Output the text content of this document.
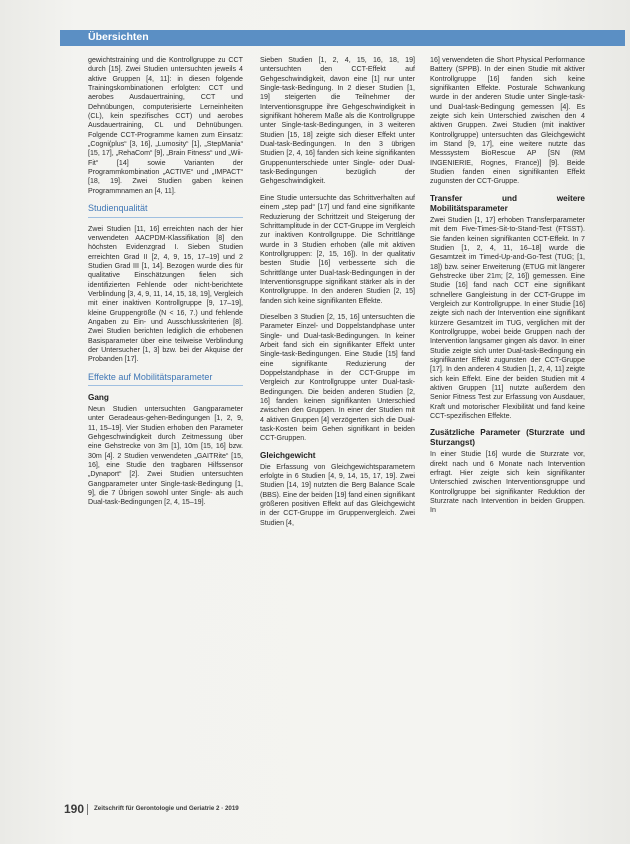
Übersichten

gewichtstraining und die Kontrollgruppe zu CCT durch [15]. Zwei Studien untersuchten jeweils 4 aktive Gruppen [4, 11]: in diesen folgende Trainingskombinationen erfolgten: CCT und aerobes Ausdauertraining, CCT und Dehnübungen, computerisierte Lerneinheiten (CL), kein spezifisches CCT) und aerobes Ausdauertraining, CL und Dehnübungen. Folgende CCT-Programme kamen zum Einsatz: „Cogni(plus“ [3, 16], „Lumosity“ [1], „StepMania“ [15, 17], „RehaCom“ [9], „Brain Fitness“ und „Wii-Fit“ [14] sowie Varianten der Programmkombination „ACTIVE“ und „IMPACT“ [18, 19]. Zwei Studien gaben keinen Programmnamen an [4, 11].

Studienqualität

Zwei Studien [11, 16] erreichten nach der hier verwendeten AACPDM-Klassifikation [8] den höchsten Evidenzgrad I. Sieben Studien erreichten Grad II [2, 4, 9, 15, 17–19] und 2 Studien Grad III [1, 14]. Bezogen wurde dies für qualitative Einschätzungen fielen sich identifizierten Fehlende oder nicht-berichtete Verblindung [3, 4, 9, 11, 14, 15, 18, 19], Vergleich mit einer inaktiven Kontrollgruppe [9, 17–19], kleine Gruppengröße (N < 16, 7.) und fehlende Angaben zu Ein- und Ausschlusskriterien [8]. Zwei Studien berichten lediglich die erhobenen Basisparameter über eine teilweise Verblindung der Untersucher [1, 3] bzw. bei der Akquise der Probanden [17].

Effekte auf Mobilitätsparameter
Gang

Neun Studien untersuchten Gangparameter unter Geradeaus-gehen-Bedingungen [1, 2, 9, 11, 15–19]. Vier Studien erhoben den Parameter Gehgeschwindigkeit durch Zeitmessung über eine Gehstrecke von 3m [1], 10m [15, 16] bzw. 30m [4]. 2 Studien verwendeten „GAITRite“ [15, 16], eine Studie den tragbaren Hilfssensor „Dynaport“ [2]. Zwei Studien untersuchten Gangparameter unter Single-task-Bedingung [1, 9], die 7 Übrigen sowohl unter Single- als auch Dual-task-Bedingungen [2, 4, 15–19].

Sieben Studien [1, 2, 4, 15, 16, 18, 19] untersuchten den CCT-Effekt auf Gehgeschwindigkeit, davon eine [1] nur unter Single-task-Bedingung. In 2 dieser Studien [1, 19] steigerten die Teilnehmer der Interventionsgruppe ihre Gehgeschwindigkeit in signifikant höherem Maße als die Kontrollgruppe unter Single-task-Bedingungen, in 3 weiteren Studien [15, 18] zeigte sich dieser Effekt unter Dual-task-Bedingungen. In den 3 übrigen Studien [2, 4, 16] fanden sich keine signifikanten Gruppenunterschiede unter Single- oder Dual-task-Bedingungen bezüglich der Gehgeschwindigkeit.

Eine Studie untersuchte das Schrittverhalten auf einem „step pad“ [17] und fand eine signifikante Reduzierung der Schrittzeit und Steigerung der Schrittamplitude in der CCT-Gruppe im Vergleich zur inaktiven Kontrollgruppe. Die Schrittlänge wurde in 3 Studien erhoben (alle mit aktiven Kontrollgruppen: [2, 15, 16]). In der qualitativ besten Studie [16] verbesserte sich die Schrittlänge unter Dual-task-Bedingungen in der Interventionsgruppe signifikant stärker als in der Kontrollgruppe. In den anderen Studien [2, 15] fanden sich keine signifikanten Effekte.

Dieselben 3 Studien [2, 15, 16] untersuchten die Parameter Einzel- und Doppelstandphase unter Single- und Dual-task-Bedingungen. In keiner Arbeit fand sich ein signifikanter Effekt unter Single-task-Bedingungen. Eine Studie [15] fand eine signifikante Reduzierung der Doppelstandphase in der CCT-Gruppe im Vergleich zur Kontrollgruppe unter Dual-task-Bedingungen. Die beiden anderen Studien [2, 16] fanden keinen signifikanten Unterschied zwischen den Gruppen. In einer der Studien mit 4 aktiven Gruppen [4] verzögerten sich die Dual-task-Kosten beim Gehen signifikant in beiden CCT-Gruppen.

Gleichgewicht

Die Erfassung von Gleichgewichtsparametern erfolgte in 6 Studien [4, 9, 14, 15, 17, 19]. Zwei Studien [14, 19] nutzten die Berg Balance Scale (BBS). Eine der beiden [19] fand einen signifikant größeren positiven Effekt auf das Gleichgewicht in der CCT-Gruppe im Gruppenvergleich. Zwei Studien [4,

16] verwendeten die Short Physical Performance Battery (SPPB). In der einen Studie mit aktiver Kontrollgruppe [16] fanden sich keine signifikanten Effekte. Posturale Schwankung wurde in der anderen Studie unter Single-task- und Dual-task-Bedingung gemessen [4]. Es zeigte sich kein Unterschied zwischen den 4 aktiven Gruppen. Zwei Studien (mit inaktiver Kontrollgruppe) untersuchten das Gleichgewicht im Stand [9, 17], eine weitere nutzte das Messsystem BioRescue AP [SN (RM INGENIERIE, Rognes, France)] [9]. Beide Studien fanden einen signifikanten Effekt zugunsten der CCT-Gruppe.

Transfer und weitere Mobilitätsparameter

Zwei Studien [1, 17] erhoben Transferparameter mit dem Five-Times-Sit-to-Stand-Test (FTSST). Sie fanden keinen signifikanten CCT-Effekt. In 7 Studien [1, 2, 4, 11, 16–18] wurde die Gesamtzeit im Timed-Up-and-Go-Test (TUG; [1, 18]) bzw. seiner Erweiterung (ETUG mit längerer Gehstrecke über 21m; [2, 16]) gemessen. Eine Studie [16] fand nach CCT eine signifikant schnellere Gangleistung in der CCT-Gruppe im Vergleich zur Kontrollgruppe. In einer Studie [16] zeigte sich nach der Intervention eine signifikant kürzere Gesamtzeit im TUG, verglichen mit der Kontrollgruppe, wobei beide Gruppen nach der Intervention langsamer gingen als davor. In einer Studie zeigte sich unter Dual-task-Bedingung ein signifikanter Effekt zugunsten der CCT-Gruppe [17]. In den anderen 4 Studien [1, 2, 4, 11] zeigte sich kein Effekt. Eine der beiden Studien mit 4 aktiven Gruppen [11] nutzte außerdem den Senior Fitness Test zur Erfassung von Ausdauer, Kraft und motorischer Flexibilität und fand keine CCT-spezifischen Effekte.

Zusätzliche Parameter (Sturzrate und Sturzangst)

In einer Studie [16] wurde die Sturzrate vor, direkt nach und 6 Monate nach Intervention erfragt. Hier zeigte sich kein signifikanter Unterschied zwischen Interventionsgruppe und Kontrollgruppe bei signifikanter Reduktion der Sturzrate nach Intervention in beiden Gruppen. In

190 Zeitschrift für Gerontologie und Geriatrie 2 · 2019
